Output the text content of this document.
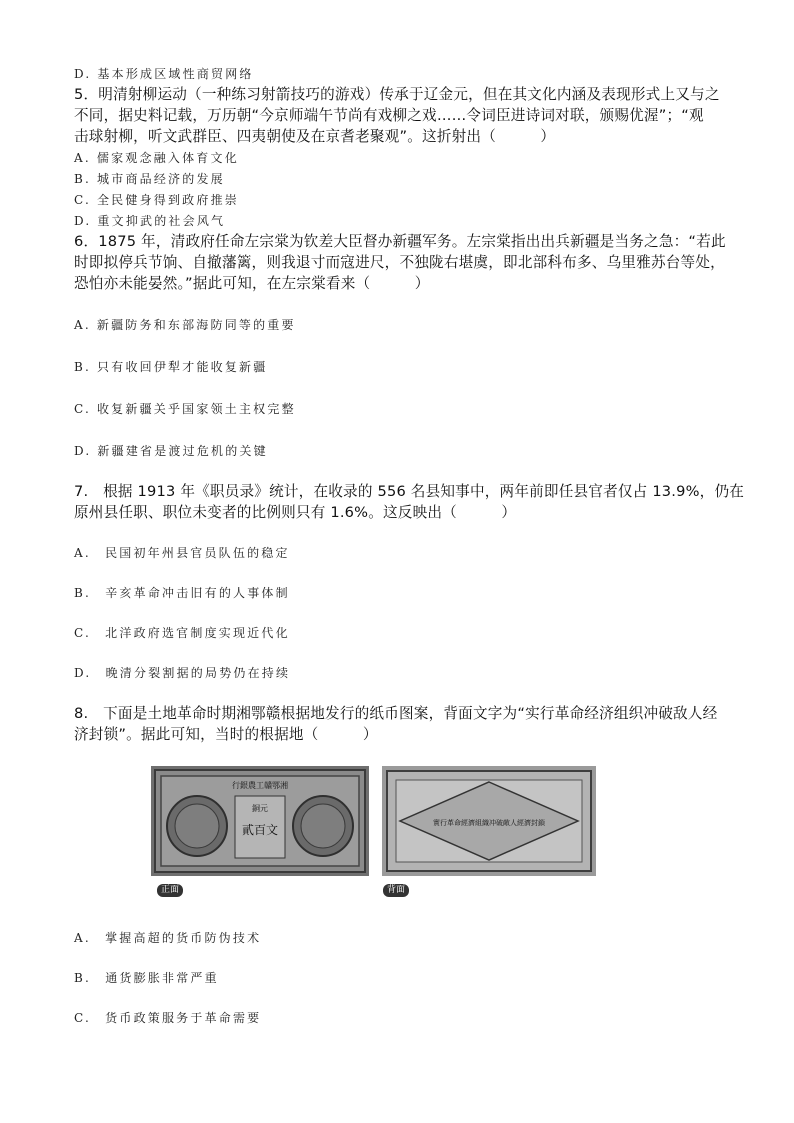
D. 基本形成区域性商贸网络
5．明清射柳运动（一种练习射箭技巧的游戏）传承于辽金元，但在其文化内涵及表现形式上又与之
不同，据史料记载，万历朝“今京师端午节尚有戏柳之戏……令词臣进诗词对联，颁赐优渥”；“观
击球射柳，听文武群臣、四夷朝使及在京耆老聚观”。这折射出（　　　）
A. 儒家观念融入体育文化
B. 城市商品经济的发展
C. 全民健身得到政府推崇
D. 重文抑武的社会风气
6．1875 年，清政府任命左宗棠为钦差大臣督办新疆军务。左宗棠指出出兵新疆是当务之急：“若此
时即拟停兵节饷、自撤藩篱，则我退寸而寇进尺，不独陇右堪虞，即北部科布多、乌里雅苏台等处，
恐怕亦未能晏然。”据此可知，在左宗棠看来（　　　）
A. 新疆防务和东部海防同等的重要
B. 只有收回伊犁才能收复新疆
C. 收复新疆关乎国家领土主权完整
D. 新疆建省是渡过危机的关键
7.　根据 1913 年《职员录》统计，在收录的 556 名县知事中，两年前即任县官者仅占 13.9%，仍在
原州县任职、职位未变者的比例则只有 1.6%。这反映出（　　　）
A.　民国初年州县官员队伍的稳定
B.　辛亥革命冲击旧有的人事体制
C.　北洋政府选官制度实现近代化
D.　晚清分裂割据的局势仍在持续
8.　下面是土地革命时期湘鄂赣根据地发行的纸币图案，背面文字为“实行革命经济组织冲破敌人经
济封锁”。据此可知，当时的根据地（　　　）
行銀農工贛鄂湘
銅元
貳百文
正面
實行革命經濟組織冲破敵人經濟封鎖
背面
A.　掌握高超的货币防伪技术
B.　通货膨胀非常严重
C.　货币政策服务于革命需要
